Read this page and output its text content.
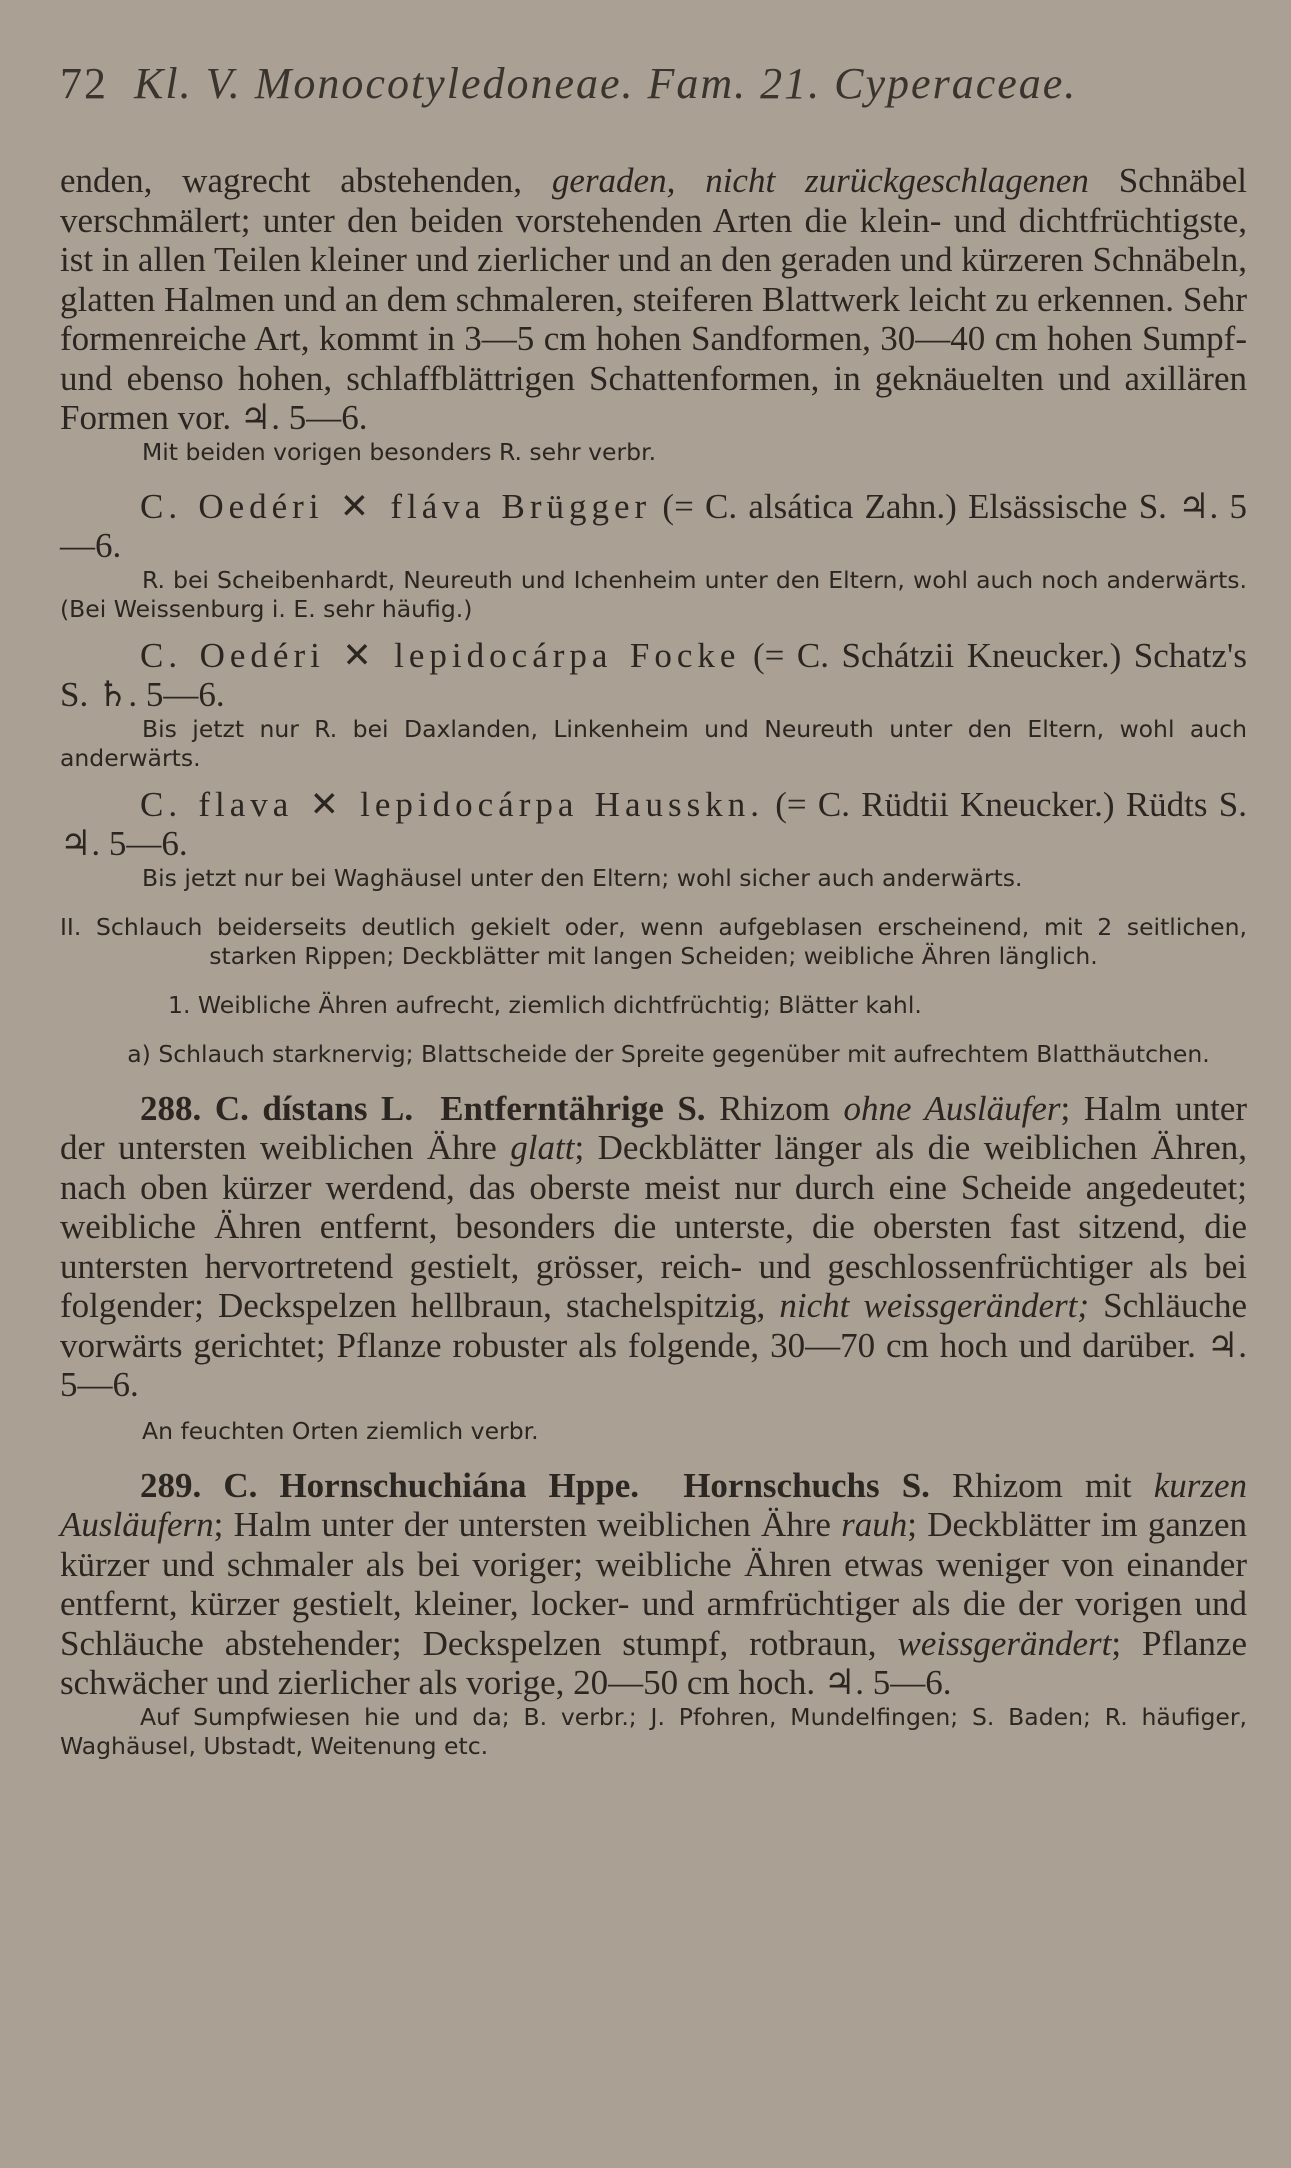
72 Kl. V. Monocotyledoneae. Fam. 21. Cyperaceae.

enden, wagrecht abstehenden, geraden, nicht zurückgeschlagenen Schnäbel verschmälert; unter den beiden vorstehenden Arten die klein- und dichtfrüchtigste, ist in allen Teilen kleiner und zierlicher und an den geraden und kürzeren Schnäbeln, glatten Halmen und an dem schmaleren, steiferen Blattwerk leicht zu erkennen. Sehr formenreiche Art, kommt in 3—5 cm hohen Sandformen, 30—40 cm hohen Sumpf- und ebenso hohen, schlaffblättrigen Schattenformen, in geknäuelten und axillären Formen vor. ♃. 5—6.

Mit beiden vorigen besonders R. sehr verbr.

C. Oedéri ✕ fláva Brügger (= C. alsática Zahn.) Elsässische S. ♃. 5—6.

R. bei Scheibenhardt, Neureuth und Ichenheim unter den Eltern, wohl auch noch anderwärts. (Bei Weissenburg i. E. sehr häufig.)

C. Oedéri ✕ lepidocárpa Focke (= C. Schátzii Kneucker.) Schatz's S. ♄. 5—6.

Bis jetzt nur R. bei Daxlanden, Linkenheim und Neureuth unter den Eltern, wohl auch anderwärts.

C. flava ✕ lepidocárpa Hausskn. (= C. Rüdtii Kneucker.) Rüdts S. ♃. 5—6.

Bis jetzt nur bei Waghäusel unter den Eltern; wohl sicher auch anderwärts.

II. Schlauch beiderseits deutlich gekielt oder, wenn aufgeblasen erscheinend, mit 2 seitlichen, starken Rippen; Deckblätter mit langen Scheiden; weibliche Ähren länglich.

1. Weibliche Ähren aufrecht, ziemlich dichtfrüchtig; Blätter kahl.

a) Schlauch starknervig; Blattscheide der Spreite gegenüber mit aufrechtem Blatthäutchen.

288. C. dístans L. Entferntährige S. Rhizom ohne Ausläufer; Halm unter der untersten weiblichen Ähre glatt; Deckblätter länger als die weiblichen Ähren, nach oben kürzer werdend, das oberste meist nur durch eine Scheide angedeutet; weibliche Ähren entfernt, besonders die unterste, die obersten fast sitzend, die untersten hervortretend gestielt, grösser, reich- und geschlossenfrüchtiger als bei folgender; Deckspelzen hellbraun, stachelspitzig, nicht weissgerändert; Schläuche vorwärts gerichtet; Pflanze robuster als folgende, 30—70 cm hoch und darüber. ♃. 5—6.

An feuchten Orten ziemlich verbr.

289. C. Hornschuchiána Hppe. Hornschuchs S. Rhizom mit kurzen Ausläufern; Halm unter der untersten weiblichen Ähre rauh; Deckblätter im ganzen kürzer und schmaler als bei voriger; weibliche Ähren etwas weniger von einander entfernt, kürzer gestielt, kleiner, locker- und armfrüchtiger als die der vorigen und Schläuche abstehender; Deckspelzen stumpf, rotbraun, weissgerändert; Pflanze schwächer und zierlicher als vorige, 20—50 cm hoch. ♃. 5—6.

Auf Sumpfwiesen hie und da; B. verbr.; J. Pfohren, Mundelfingen; S. Baden; R. häufiger, Waghäusel, Ubstadt, Weitenung etc.
